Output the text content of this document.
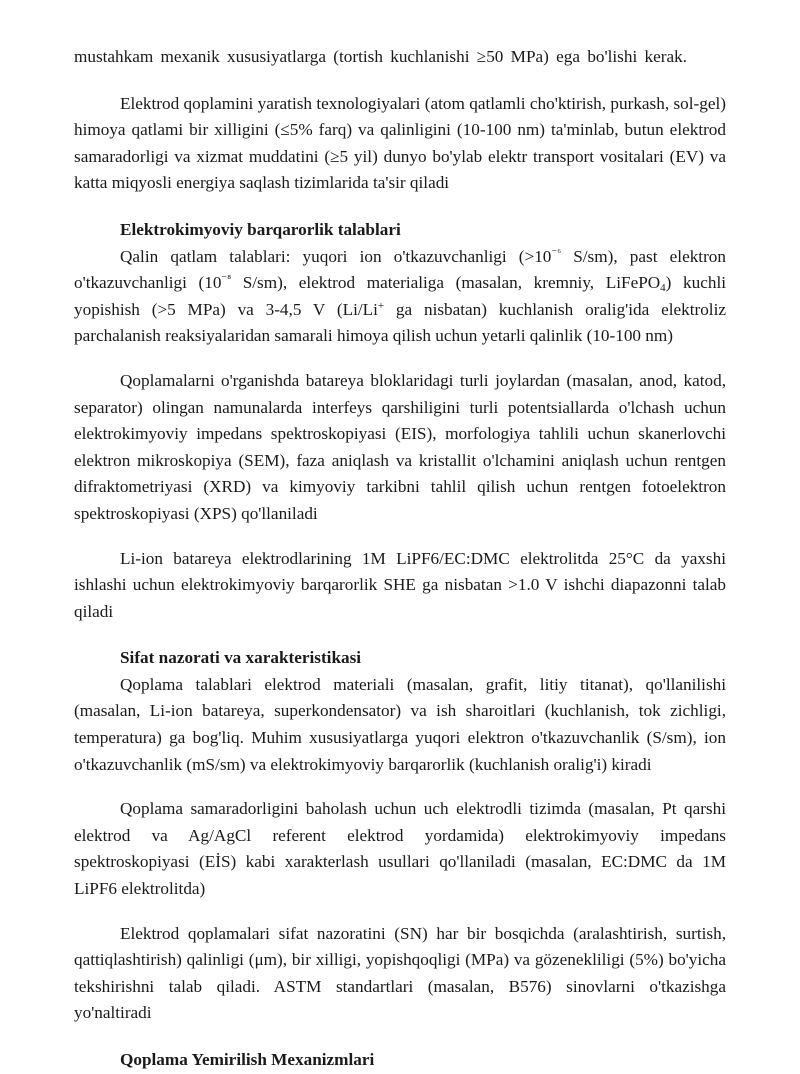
mustahkam mexanik xususiyatlarga (tortish kuchlanishi ≥50 MPa) ega bo'lishi kerak.

Elektrod qoplamini yaratish texnologiyalari (atom qatlamli cho'ktirish, purkash, sol-gel) himoya qatlami bir xilligini (≤5% farq) va qalinligini (10-100 nm) ta'minlab, butun elektrod samaradorligi va xizmat muddatini (≥5 yil) dunyo bo'ylab elektr transport vositalari (EV) va katta miqyosli energiya saqlash tizimlarida ta'sir qiladi

Elektrokimyoviy barqarorlik talablari

Qalin qatlam talablari: yuqori ion o'tkazuvchanligi ($>10^{^{-6}}$ S/sm), past elektron o'tkazuvchanligi ($10^{^{-8}}$ S/sm), elektrod materialiga (masalan, kremniy, LiFePO$_4$) kuchli yopishish (>5 MPa) va 3-4,5 V (Li/Li+ ga nisbatan) kuchlanish oralig'ida elektroliz parchalanish reaksiyalaridan samarali himoya qilish uchun yetarli qalinlik (10-100 nm)

Qoplamalarni o'rganishda batareya bloklaridagi turli joylardan (masalan, anod, katod, separator) olingan namunalarda interfeys qarshiligini turli potentsiallarda o'lchash uchun elektrokimyoviy impedans spektroskopiyasi (EIS), morfologiya tahlili uchun skanerlovchi elektron mikroskopiya (SEM), faza aniqlash va kristallit o'lchamini aniqlash uchun rentgen difraktometriyasi (XRD) va kimyoviy tarkibni tahlil qilish uchun rentgen fotoelektron spektroskopiyasi (XPS) qo'llaniladi

Li-ion batareya elektrodlarining 1M LiPF6/EC:DMC elektrolitda 25°C da yaxshi ishlashi uchun elektrokimyoviy barqarorlik SHE ga nisbatan >1.0 V ishchi diapazonni talab qiladi

Sifat nazorati va xarakteristikasi

Qoplama talablari elektrod materiali (masalan, grafit, litiy titanat), qo'llanilishi (masalan, Li-ion batareya, superkondensator) va ish sharoitlari (kuchlanish, tok zichligi, temperatura) ga bog'liq. Muhim xususiyatlarga yuqori elektron o'tkazuvchanlik (S/sm), ion o'tkazuvchanlik (mS/sm) va elektrokimyoviy barqarorlik (kuchlanish oralig'i) kiradi

Qoplama samaradorligini baholash uchun uch elektrodli tizimda (masalan, Pt qarshi elektrod va Ag/AgCl referent elektrod yordamida) elektrokimyoviy impedans spektroskopiyasi (EİS) kabi xarakterlash usullari qo'llaniladi (masalan, EC:DMC da 1M LiPF6 elektrolitda)

Elektrod qoplamalari sifat nazoratini (SN) har bir bosqichda (aralashtirish, surtish, qattiqlashtirish) qalinligi (μm), bir xilligi, yopishqoqligi (MPa) va gözenekliligi (5%) bo'yicha tekshirishni talab qiladi. ASTM standartlari (masalan, B576) sinovlarni o'tkazishga yo'naltiradi

Qoplama Yemirilish Mexanizmlari
